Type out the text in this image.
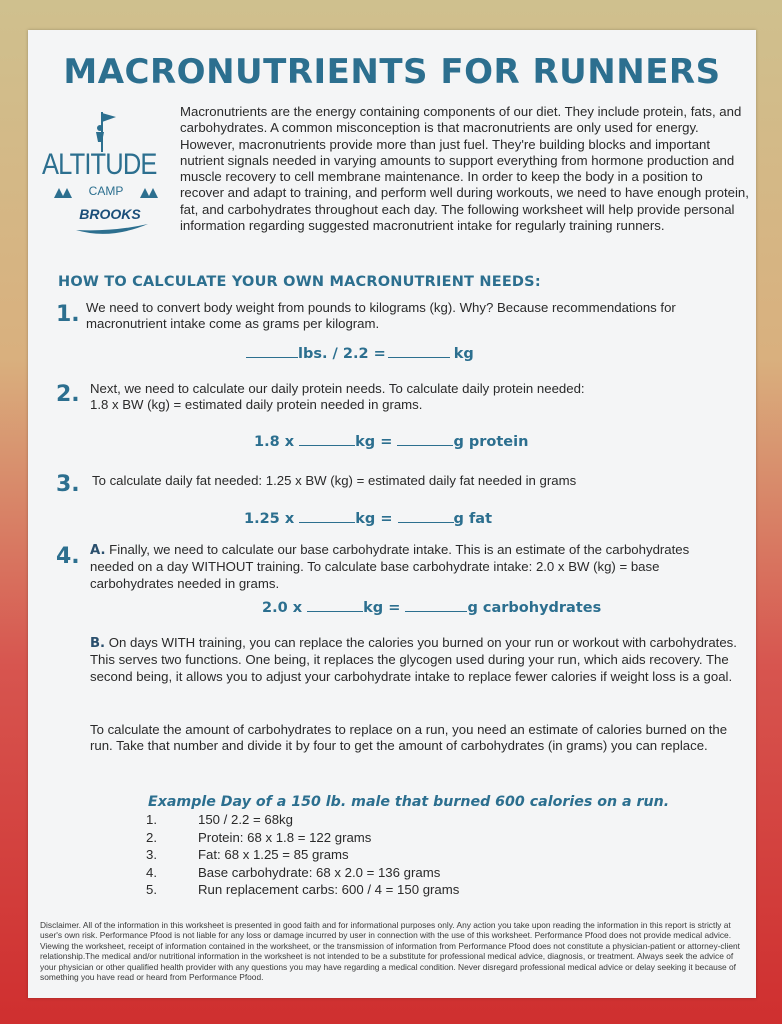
MACRONUTRIENTS FOR RUNNERS
ALTITUDE
CAMP
BROOKS
Macronutrients are the energy containing components of our diet. They include protein, fats, and carbohydrates. A common misconception is that macronutrients are only used for energy. However, macronutrients provide more than just fuel. They're building blocks and important nutrient signals needed in varying amounts to support everything from hormone production and muscle recovery to cell membrane maintenance. In order to keep the body in a position to recover and adapt to training, and perform well during workouts, we need to have enough protein, fat, and carbohydrates throughout each day. The following worksheet will help provide personal information regarding suggested macronutrient intake for regularly training runners.
HOW TO CALCULATE YOUR OWN MACRONUTRIENT NEEDS:
1. We need to convert body weight from pounds to kilograms (kg). Why? Because recommendations for macronutrient intake come as grams per kilogram.
lbs. / 2.2 =	kg
2. Next, we need to calculate our daily protein needs. To calculate daily protein needed:
1.8 x BW (kg) = estimated daily protein needed in grams.
1.8 x	kg =	g protein
3. To calculate daily fat needed: 1.25 x BW (kg) = estimated daily fat needed in grams
1.25 x	kg =	g fat
4. A. Finally, we need to calculate our base carbohydrate intake. This is an estimate of the carbohydrates needed on a day WITHOUT training. To calculate base carbohydrate intake: 2.0 x BW (kg) = base carbohydrates needed in grams.
2.0 x	kg =	g carbohydrates
B. On days WITH training, you can replace the calories you burned on your run or workout with carbohydrates. This serves two functions. One being, it replaces the glycogen used during your run, which aids recovery. The second being, it allows you to adjust your carbohydrate intake to replace fewer calories if weight loss is a goal.
To calculate the amount of carbohydrates to replace on a run, you need an estimate of calories burned on the run. Take that number and divide it by four to get the amount of carbohydrates (in grams) you can replace.
Example Day of a 150 lb. male that burned 600 calories on a run.
1.	150 / 2.2 = 68kg
2.	Protein: 68 x 1.8 = 122 grams
3.	Fat: 68 x 1.25 = 85 grams
4.	Base carbohydrate: 68 x 2.0 = 136 grams
5.	Run replacement carbs: 600 / 4 = 150 grams
Disclaimer. All of the information in this worksheet is presented in good faith and for informational purposes only. Any action you take upon reading the information in this report is strictly at user's own risk. Performance Pfood is not liable for any loss or damage incurred by user in connection with the use of this worksheet. Performance Pfood does not provide medical advice. Viewing the worksheet, receipt of information contained in the worksheet, or the transmission of information from Performance Pfood does not constitute a physician-patient or attorney-client relationship.The medical and/or nutritional information in the worksheet is not intended to be a substitute for professional medical advice, diagnosis, or treatment. Always seek the advice of your physician or other qualified health provider with any questions you may have regarding a medical condition. Never disregard professional medical advice or delay seeking it because of something you have read or heard from Performance Pfood.
